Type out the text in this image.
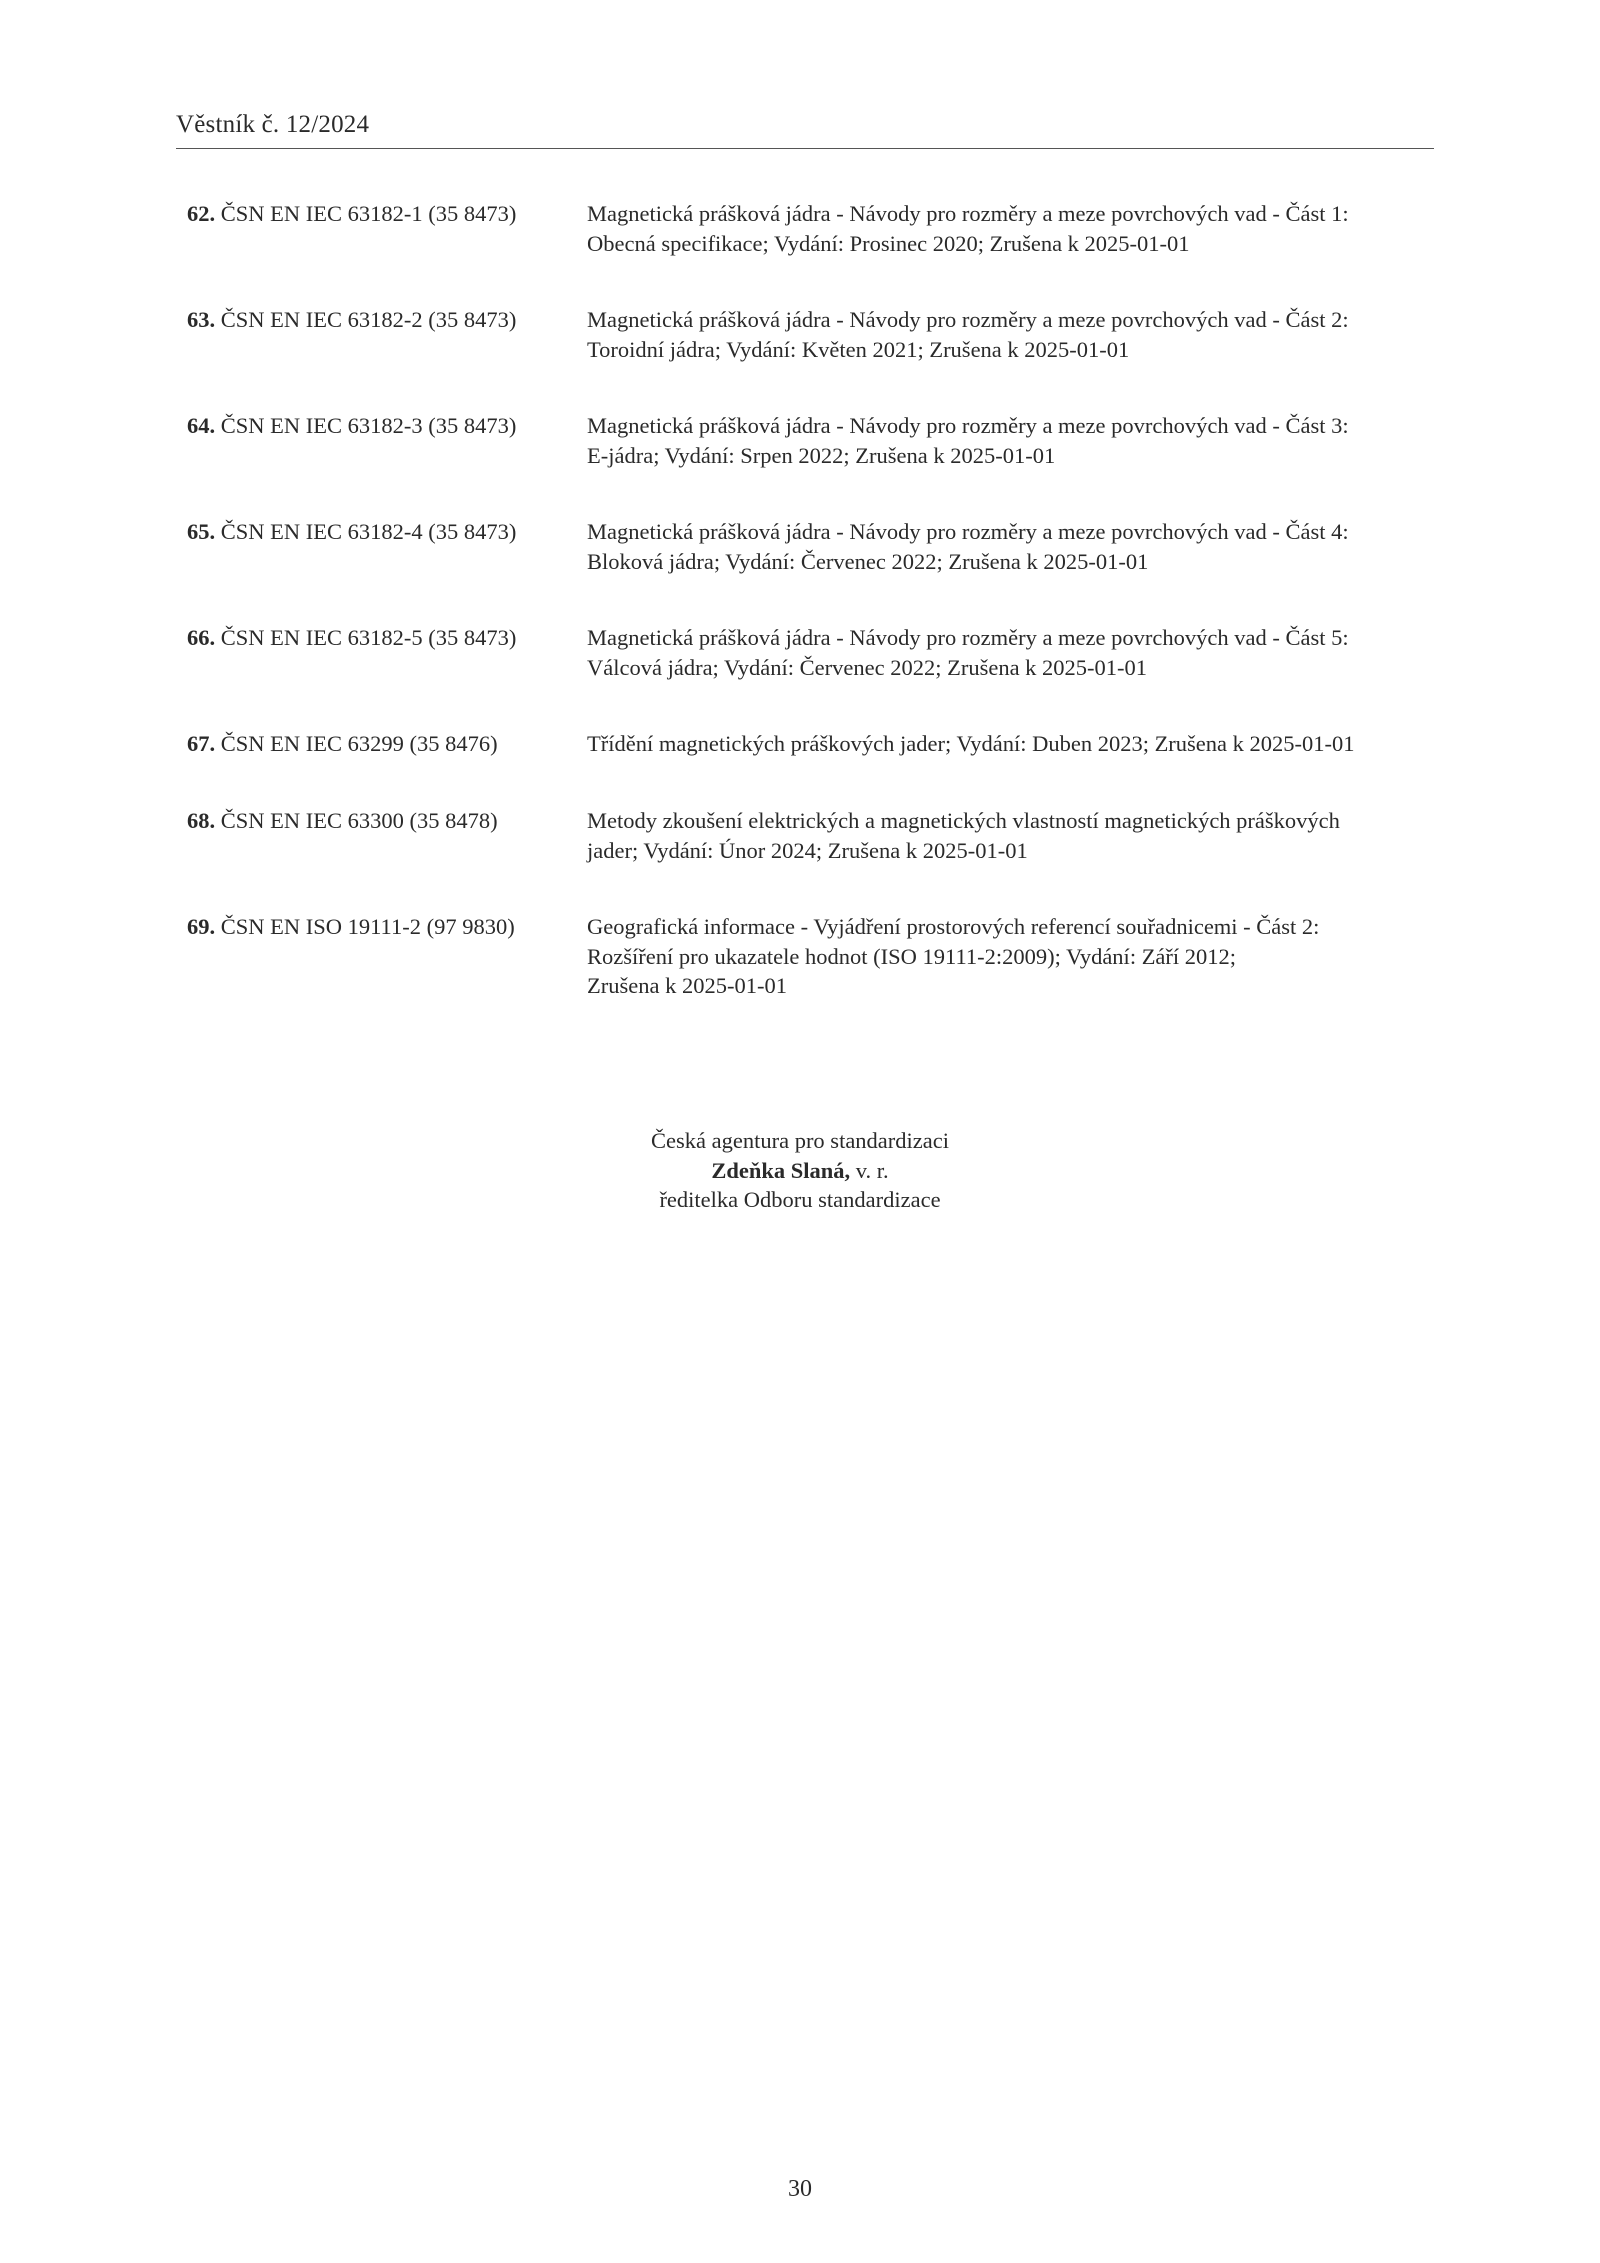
Věstník č. 12/2024
62. ČSN EN IEC 63182-1 (35 8473)	Magnetická prášková jádra - Návody pro rozměry a meze povrchových vad - Část 1:
Obecná specifikace; Vydání: Prosinec 2020; Zrušena k 2025-01-01
63. ČSN EN IEC 63182-2 (35 8473)	Magnetická prášková jádra - Návody pro rozměry a meze povrchových vad - Část 2:
Toroidní jádra; Vydání: Květen 2021; Zrušena k 2025-01-01
64. ČSN EN IEC 63182-3 (35 8473)	Magnetická prášková jádra - Návody pro rozměry a meze povrchových vad - Část 3:
E-jádra; Vydání: Srpen 2022; Zrušena k 2025-01-01
65. ČSN EN IEC 63182-4 (35 8473)	Magnetická prášková jádra - Návody pro rozměry a meze povrchových vad - Část 4:
Bloková jádra; Vydání: Červenec 2022; Zrušena k 2025-01-01
66. ČSN EN IEC 63182-5 (35 8473)	Magnetická prášková jádra - Návody pro rozměry a meze povrchových vad - Část 5:
Válcová jádra; Vydání: Červenec 2022; Zrušena k 2025-01-01
67. ČSN EN IEC 63299 (35 8476)	Třídění magnetických práškových jader; Vydání: Duben 2023; Zrušena k 2025-01-01
68. ČSN EN IEC 63300 (35 8478)	Metody zkoušení elektrických a magnetických vlastností magnetických práškových
jader; Vydání: Únor 2024; Zrušena k 2025-01-01
69. ČSN EN ISO 19111-2 (97 9830)	Geografická informace - Vyjádření prostorových referencí souřadnicemi - Část 2:
Rozšíření pro ukazatele hodnot (ISO 19111-2:2009); Vydání: Září 2012;
Zrušena k 2025-01-01
Česká agentura pro standardizaci
Zdeňka Slaná, v. r.
ředitelka Odboru standardizace
30
